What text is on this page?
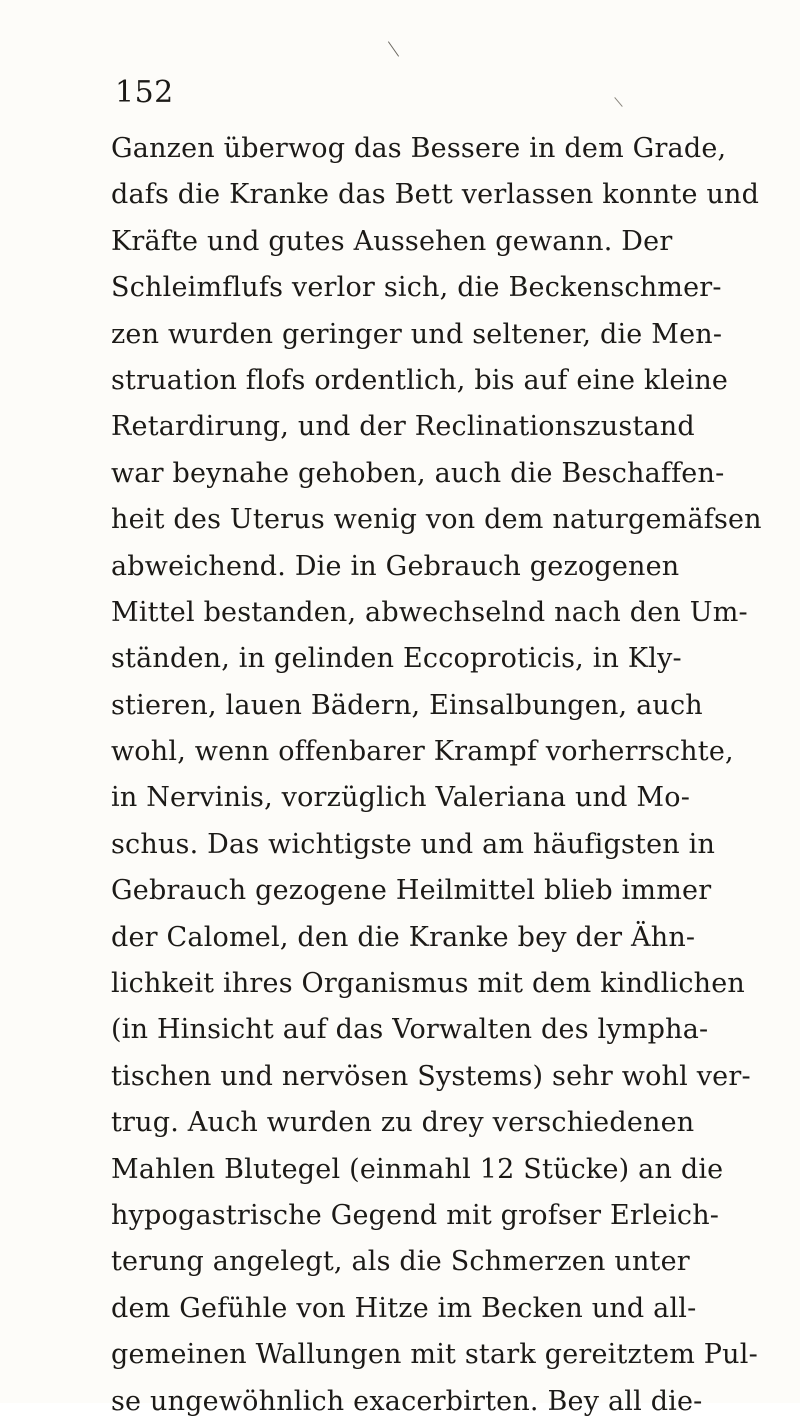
152
Ganzen überwog das Bessere in dem Grade,
dafs die Kranke das Bett verlassen konnte und
Kräfte und gutes Aussehen gewann. Der
Schleimflufs verlor sich, die Beckenschmer-
zen wurden geringer und seltener, die Men-
struation flofs ordentlich, bis auf eine kleine
Retardirung, und der Reclinationszustand
war beynahe gehoben, auch die Beschaffen-
heit des Uterus wenig von dem naturgemäfsen
abweichend. Die in Gebrauch gezogenen
Mittel bestanden, abwechselnd nach den Um-
ständen, in gelinden Eccoproticis, in Kly-
stieren, lauen Bädern, Einsalbungen, auch
wohl, wenn offenbarer Krampf vorherrschte,
in Nervinis, vorzüglich Valeriana und Mo-
schus. Das wichtigste und am häufigsten in
Gebrauch gezogene Heilmittel blieb immer
der Calomel, den die Kranke bey der Ähn-
lichkeit ihres Organismus mit dem kindlichen
(in Hinsicht auf das Vorwalten des lympha-
tischen und nervösen Systems) sehr wohl ver-
trug. Auch wurden zu drey verschiedenen
Mahlen Blutegel (einmahl 12 Stücke) an die
hypogastrische Gegend mit grofser Erleich-
terung angelegt, als die Schmerzen unter
dem Gefühle von Hitze im Becken und all-
gemeinen Wallungen mit stark gereitztem Pul-
se ungewöhnlich exacerbirten. Bey all die-
